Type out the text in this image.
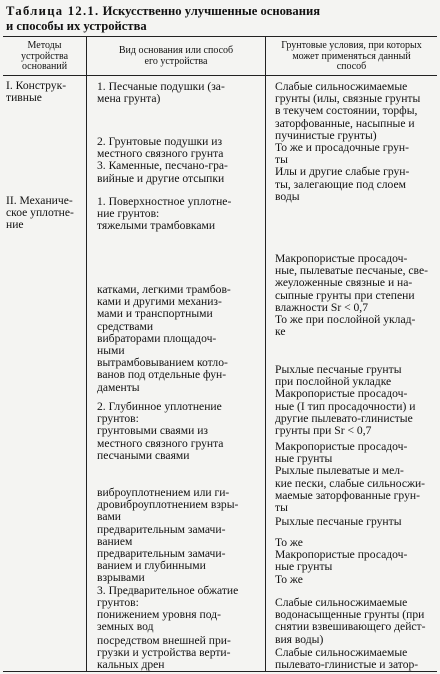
Таблица 12.1. Искусственно улучшенные основания
и способы их устройства
Методы
устройства
оснований
Вид основания или способ
его устройства
Грунтовые условия, при которых
может применяться данный
способ
I. Конструк-
тивные
II. Механиче-
ское уплотне-
ние
1. Песчаные подушки (за-
мена грунта)
2. Грунтовые подушки из
местного связного грунта
3. Каменные, песчано-гра-
вийные и другие отсыпки
1. Поверхностное уплотне-
ние грунтов:
тяжелыми трамбовками
катками, легкими трамбов-
ками и другими механиз-
мами и транспортными
средствами
вибраторами площадоч-
ными
вытрамбовыванием котло-
ванов под отдельные фун-
даменты
2. Глубинное уплотнение
грунтов:
грунтовыми сваями из
местного связного грунта
песчаными сваями
виброуплотнением или ги-
дровиброуплотнением взры-
вами
предварительным замачи-
ванием
предварительным замачи-
ванием и глубинными
взрывами
3. Предварительное обжатие
грунтов:
понижением уровня под-
земных вод
посредством внешней при-
грузки и устройства верти-
кальных дрен
Слабые сильносжимаемые
грунты (илы, связные грунты
в текучем состоянии, торфы,
заторфованные, насыпные и
пучинистые грунты)
То же и просадочные грун-
ты
Илы и другие слабые грун-
ты, залегающие под слоем
воды
Макропористые просадоч-
ные, пылеватые песчаные, све-
жеуложенные связные и на-
сыпные грунты при степени
влажности Sr < 0,7
То же при послойной уклад-
ке
Рыхлые песчаные грунты
при послойной укладке
Макропористые просадоч-
ные (I тип просадочности) и
другие пылевато-глинистые
грунты при Sr < 0,7
Макропористые просадоч-
ные грунты
Рыхлые пылеватые и мел-
кие пески, слабые сильносжи-
маемые заторфованные грун-
ты
Рыхлые песчаные грунты
То же
Макропористые просадоч-
ные грунты
То же
Слабые сильносжимаемые
водонасыщенные грунты (при
снятии взвешивающего дейст-
вия воды)
Слабые сильносжимаемые
пылевато-глинистые и затор-
